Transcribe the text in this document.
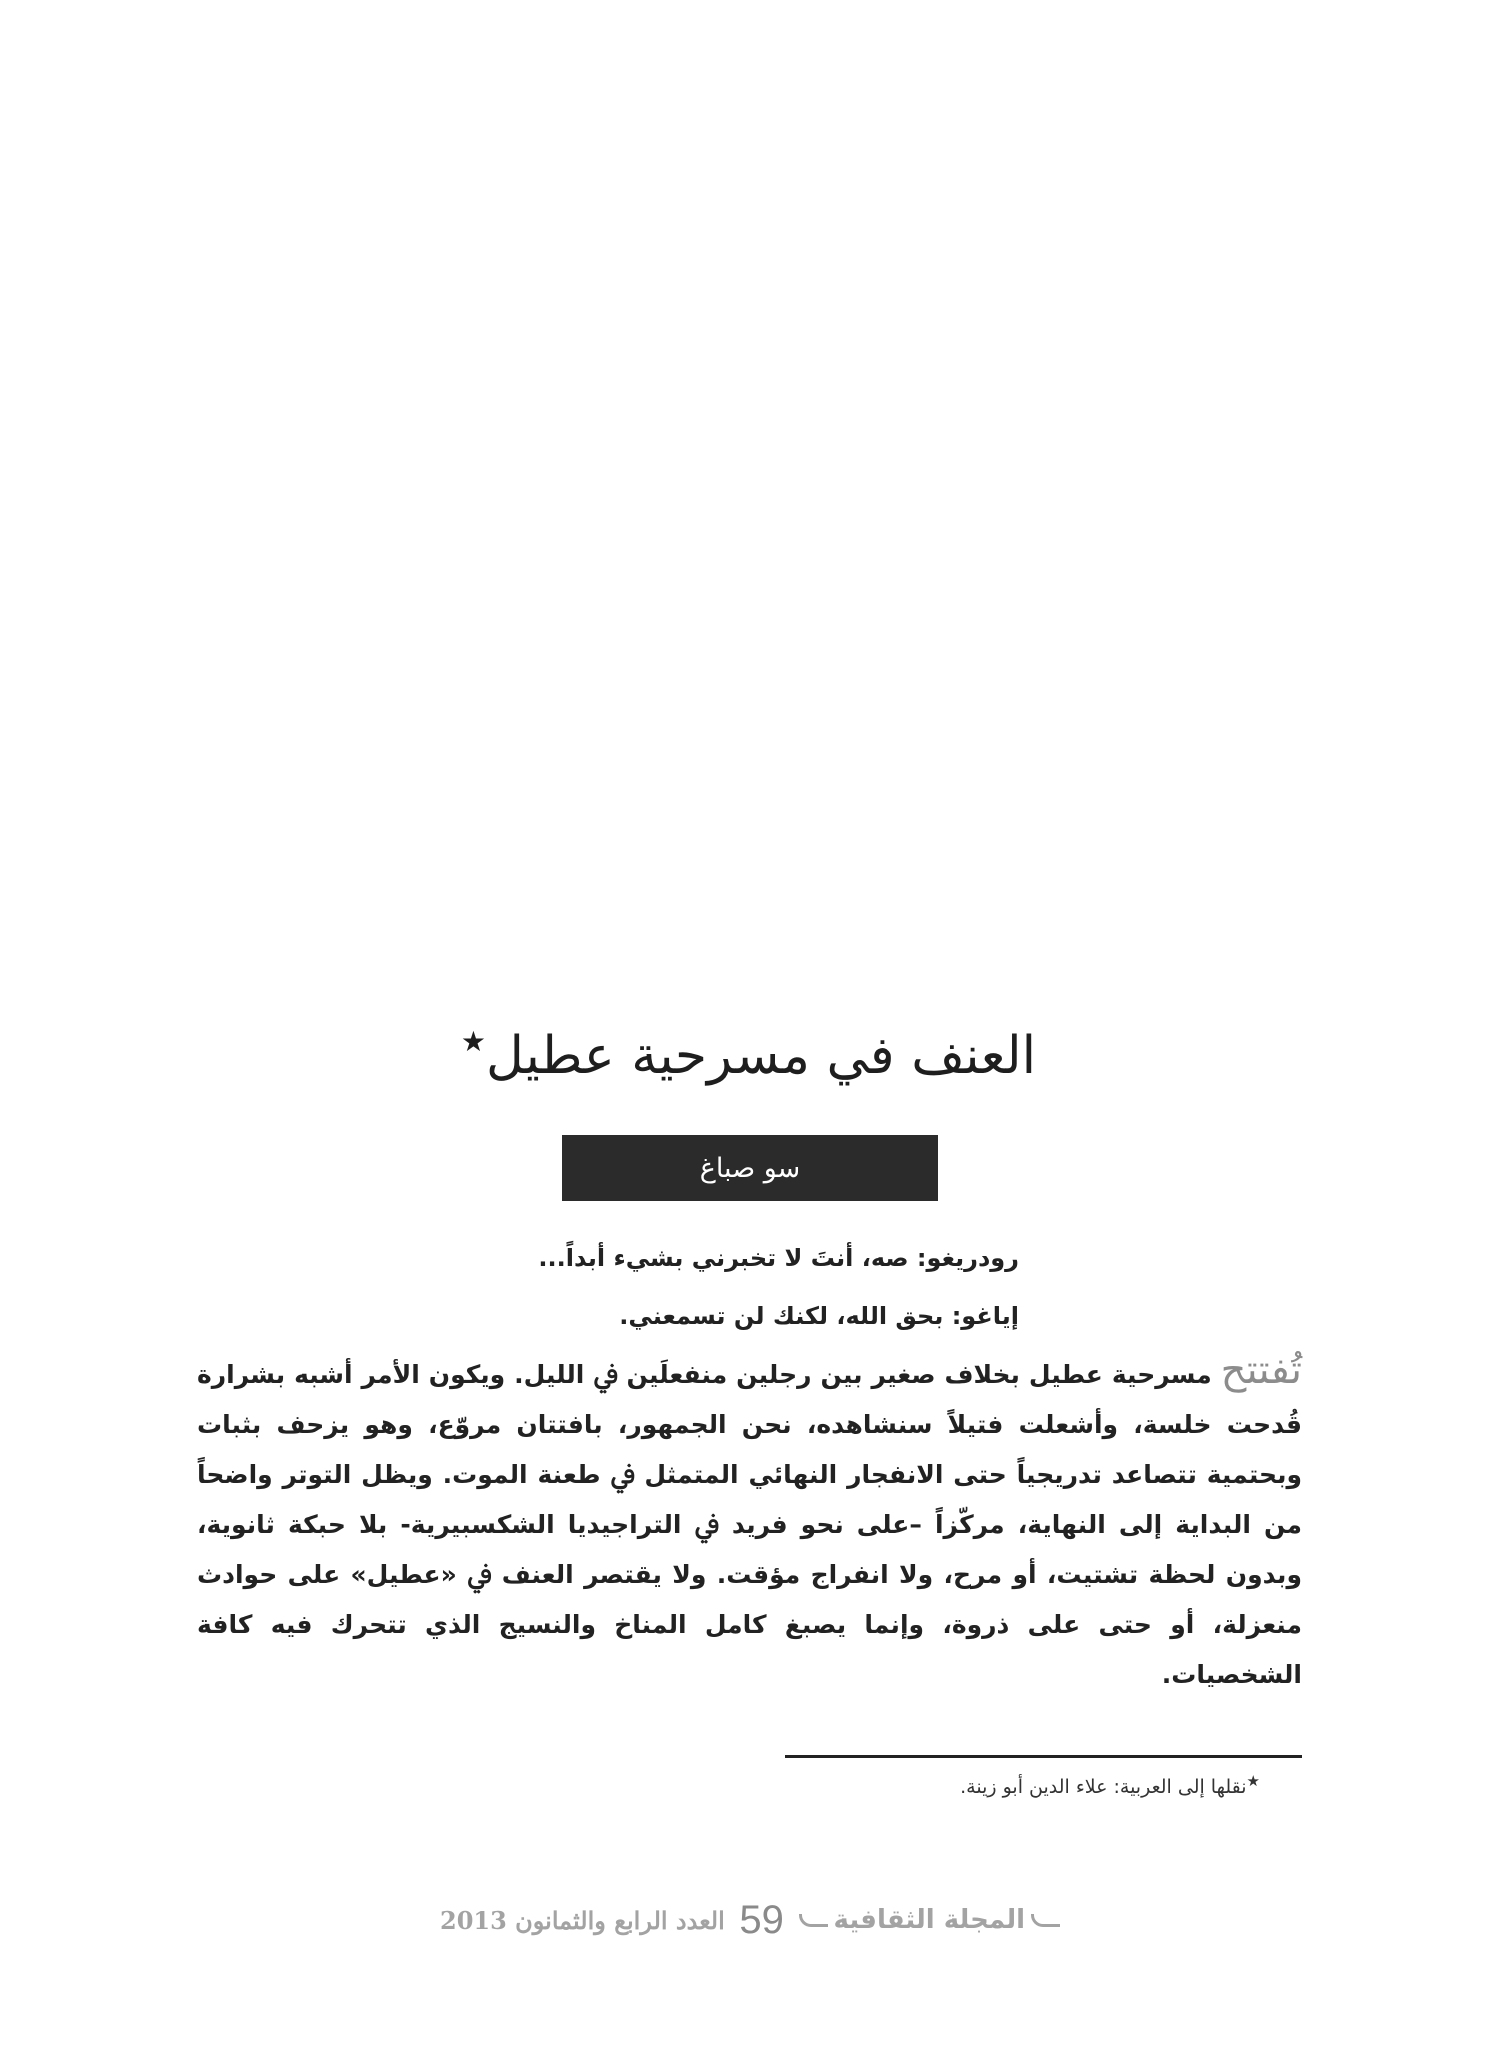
العنف في مسرحية عطيل★
سو صباغ
رودريغو: صه، أنتَ لا تخبرني بشيء أبداً...
إياغو: بحق الله، لكنك لن تسمعني.

تُفتتح مسرحية عطيل بخلاف صغير بين رجلين منفعلَين ﰲ الليل. ويكون الأمر أشبه بشرارة قُدحت خلسة، وأشعلت فتيلاً سنشاهده، نحن الجمهور، بافتتان مروّع، وهو يزحف بثبات وبحتمية تتصاعد تدريجياً حتى الانفجار النهائي المتمثل ﰲ طعنة الموت. ويظل التوتر واضحاً من البداية إلى النهاية، مركّزاً –على نحو فريد ﰲ التراجيديا الشكسبيرية- بلا حبكة ثانوية، وبدون لحظة تشتيت، أو مرح، ولا انفراج مؤقت. ولا يقتصر العنف ﰲ «عطيل» على حوادث منعزلة، أو حتى على ذروة، وإنما يصبغ كامل المناخ والنسيج الذي تتحرك فيه كافة الشخصيات.

★نقلها إلى العربية: علاء الدين أبو زينة.
العدد الرابع والثمانون 2013 59 المجلة الثقافية
